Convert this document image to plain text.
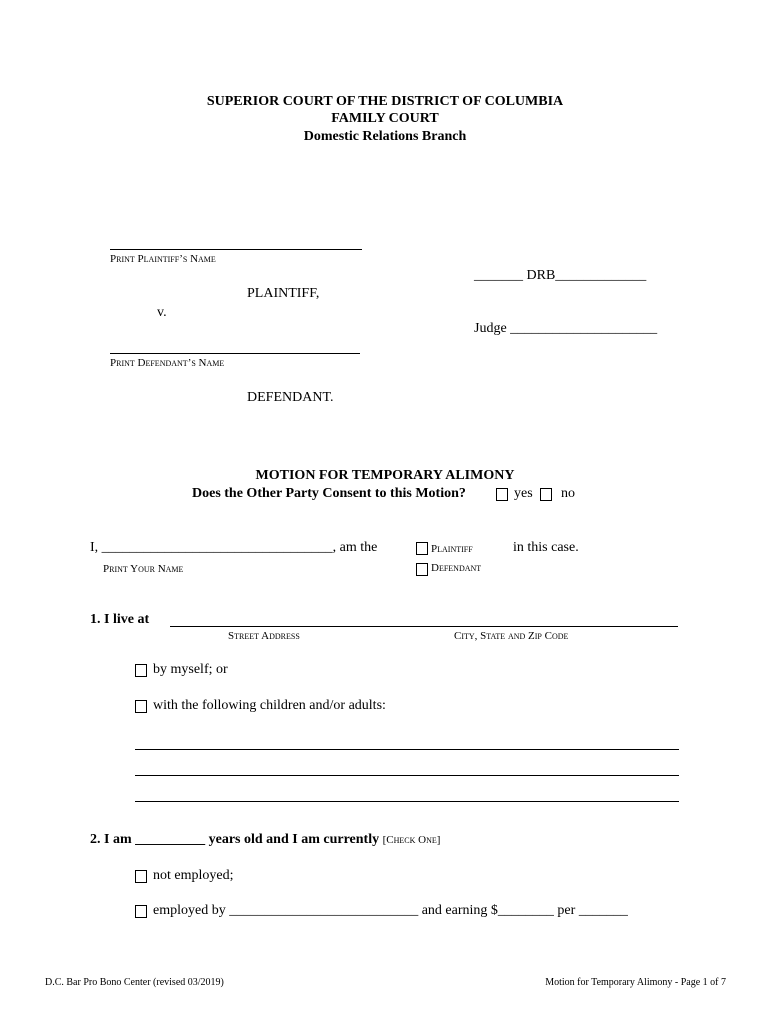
SUPERIOR COURT OF THE DISTRICT OF COLUMBIA
FAMILY COURT
Domestic Relations Branch
Print Plaintiff’s Name
PLAINTIFF,
v.
_______ DRB_____________
Judge _____________________
Print Defendant’s Name
DEFENDANT.
MOTION FOR TEMPORARY ALIMONY
Does the Other Party Consent to this Motion?	yes no
I, _________________________________, am the	Plaintiff	in this case.
Defendant
Print Your Name
1. I live at
Street Address	City, State and Zip Code
by myself; or
with the following children and/or adults:
2. I am __________ years old and I am currently [Check One]
not employed;
employed by ___________________________ and earning $________ per _______
D.C. Bar Pro Bono Center (revised 03/2019)	Motion for Temporary Alimony - Page 1 of 7
